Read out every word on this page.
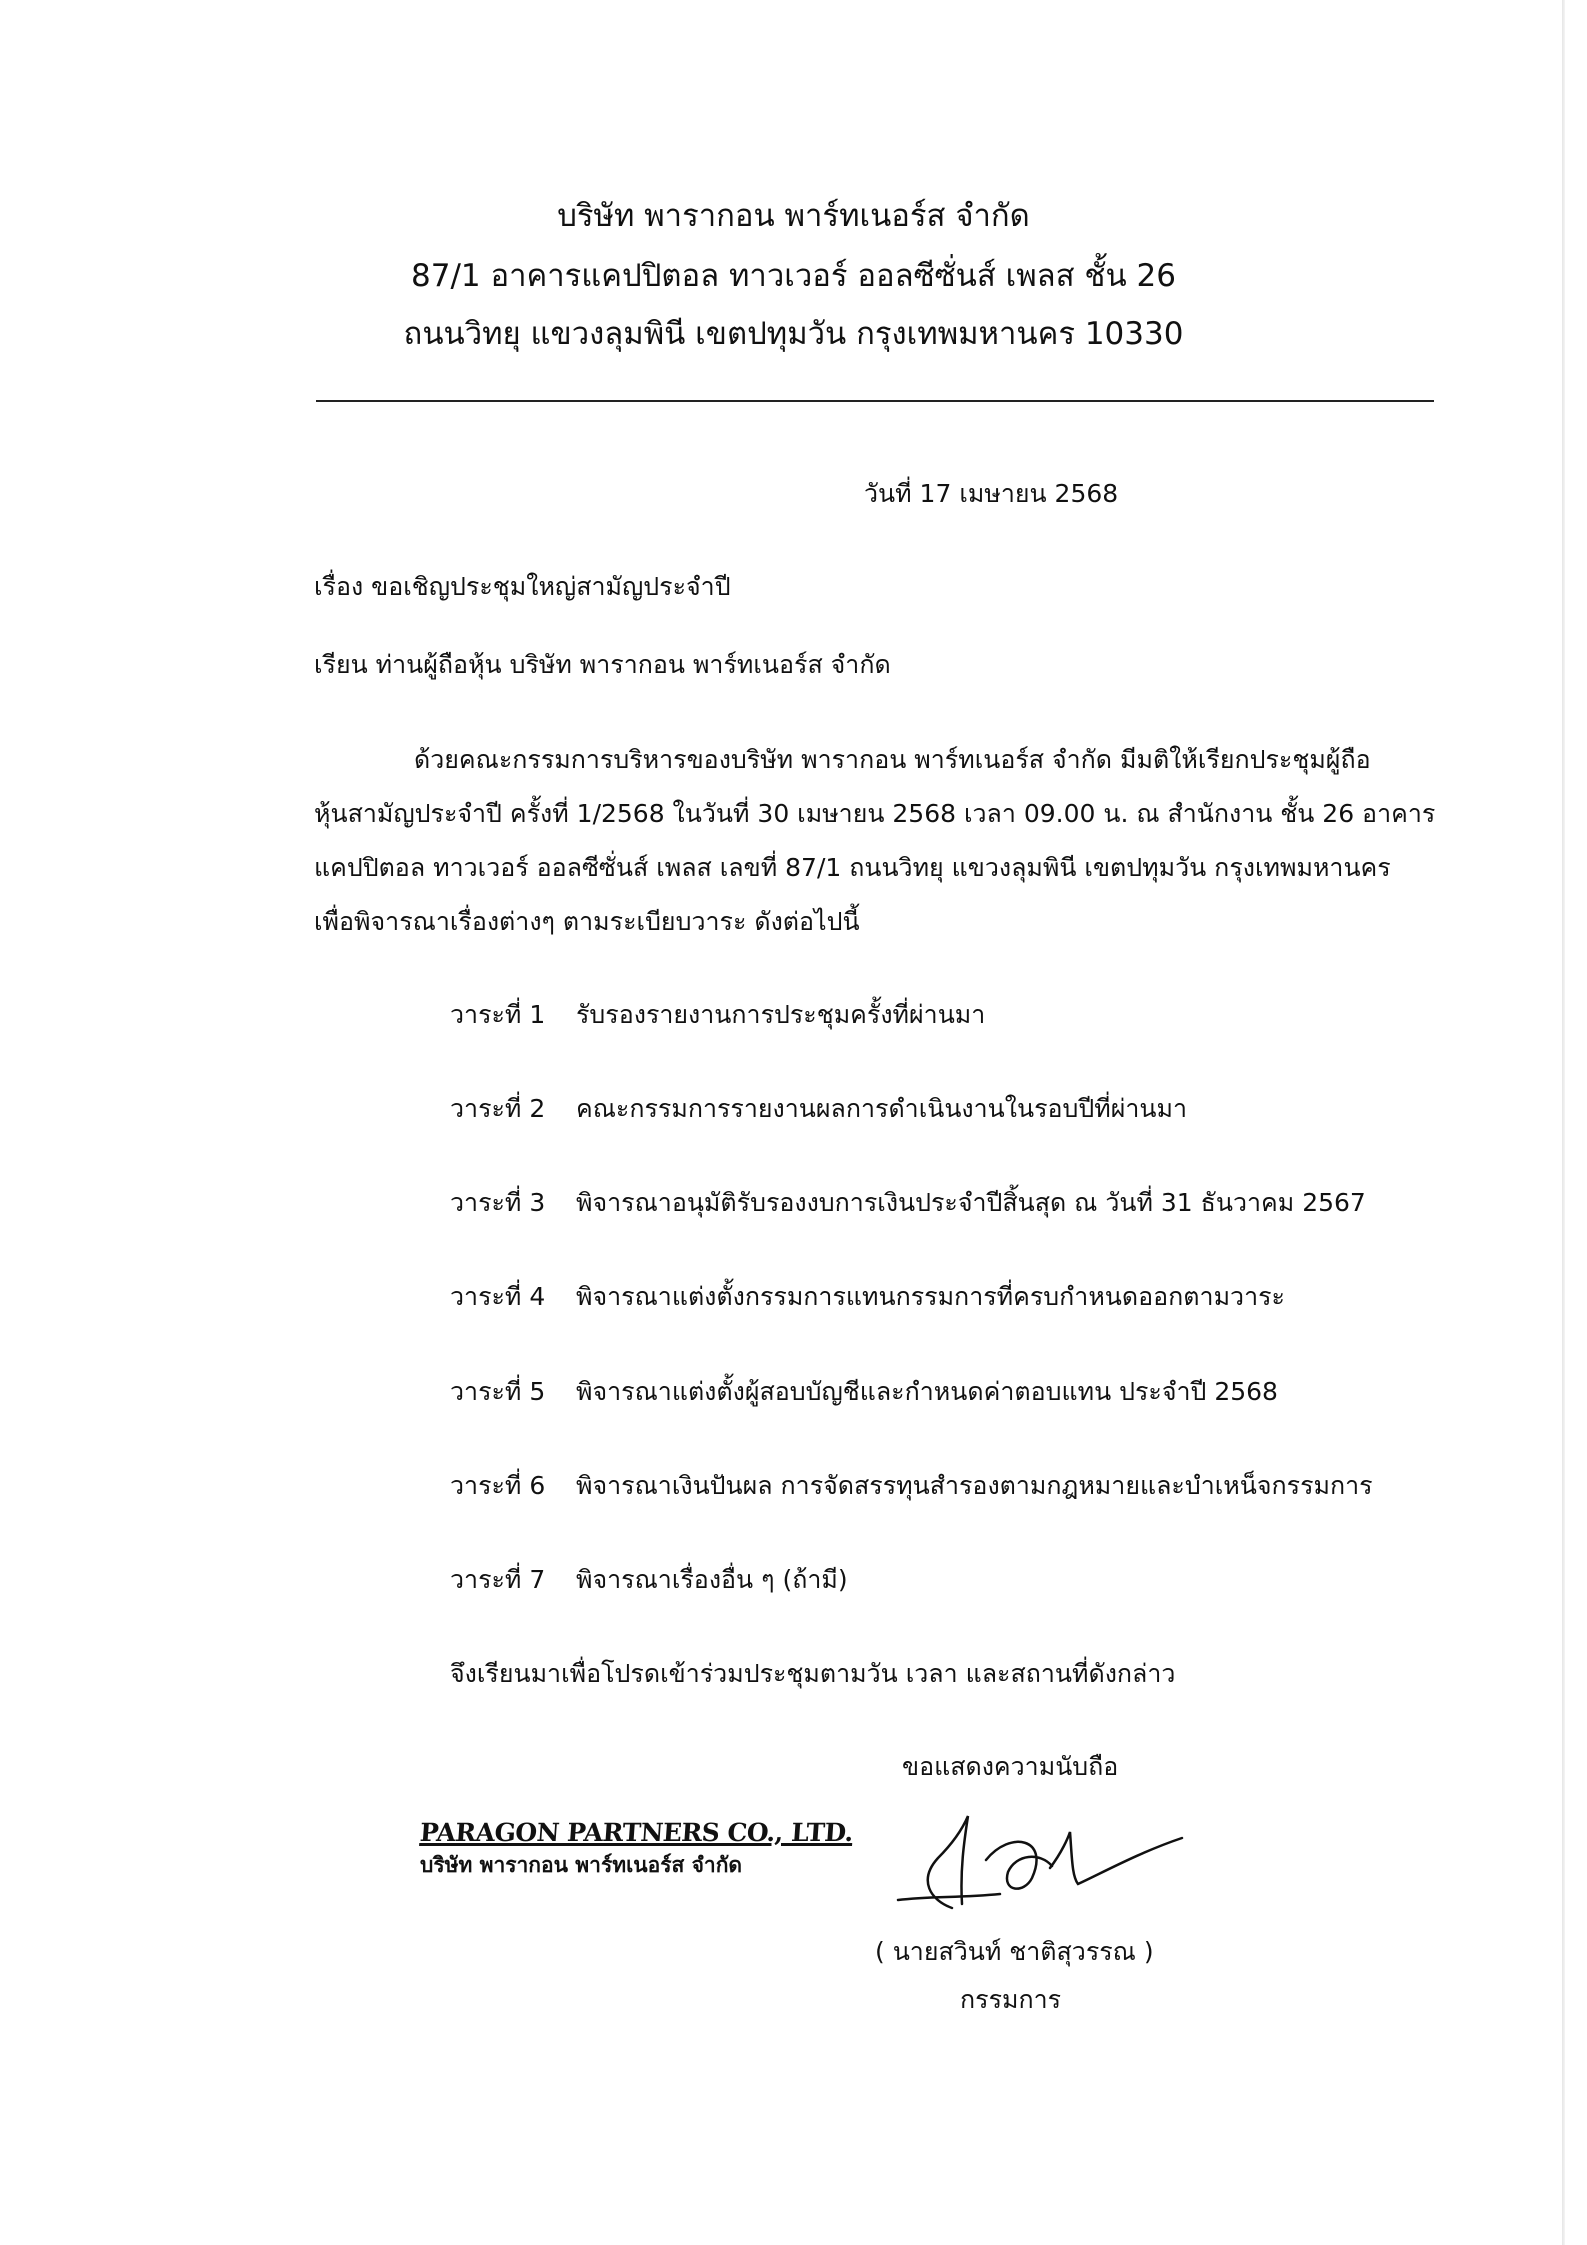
บริษัท พารากอน พาร์ทเนอร์ส จำกัด
87/1 อาคารแคปปิตอล ทาวเวอร์ ออลซีซั่นส์ เพลส ชั้น 26
ถนนวิทยุ แขวงลุมพินี เขตปทุมวัน กรุงเทพมหานคร 10330
วันที่ 17 เมษายน 2568
เรื่อง ขอเชิญประชุมใหญ่สามัญประจำปี
เรียน ท่านผู้ถือหุ้น บริษัท พารากอน พาร์ทเนอร์ส จำกัด
ด้วยคณะกรรมการบริหารของบริษัท พารากอน พาร์ทเนอร์ส จำกัด มีมติให้เรียกประชุมผู้ถือ
หุ้นสามัญประจำปี ครั้งที่ 1/2568 ในวันที่ 30 เมษายน 2568 เวลา 09.00 น. ณ สำนักงาน ชั้น 26 อาคาร
แคปปิตอล ทาวเวอร์ ออลซีซั่นส์ เพลส เลขที่ 87/1 ถนนวิทยุ แขวงลุมพินี เขตปทุมวัน กรุงเทพมหานคร
เพื่อพิจารณาเรื่องต่างๆ ตามระเบียบวาระ ดังต่อไปนี้
วาระที่ 1 รับรองรายงานการประชุมครั้งที่ผ่านมา
วาระที่ 2 คณะกรรมการรายงานผลการดำเนินงานในรอบปีที่ผ่านมา
วาระที่ 3 พิจารณาอนุมัติรับรองงบการเงินประจำปีสิ้นสุด ณ วันที่ 31 ธันวาคม 2567
วาระที่ 4 พิจารณาแต่งตั้งกรรมการแทนกรรมการที่ครบกำหนดออกตามวาระ
วาระที่ 5 พิจารณาแต่งตั้งผู้สอบบัญชีและกำหนดค่าตอบแทน ประจำปี 2568
วาระที่ 6 พิจารณาเงินปันผล การจัดสรรทุนสำรองตามกฎหมายและบำเหน็จกรรมการ
วาระที่ 7 พิจารณาเรื่องอื่น ๆ (ถ้ามี)
จึงเรียนมาเพื่อโปรดเข้าร่วมประชุมตามวัน เวลา และสถานที่ดังกล่าว
ขอแสดงความนับถือ
PARAGON PARTNERS CO., LTD.
บริษัท พารากอน พาร์ทเนอร์ส จำกัด
( นายสวินท์ ชาติสุวรรณ )
กรรมการ
